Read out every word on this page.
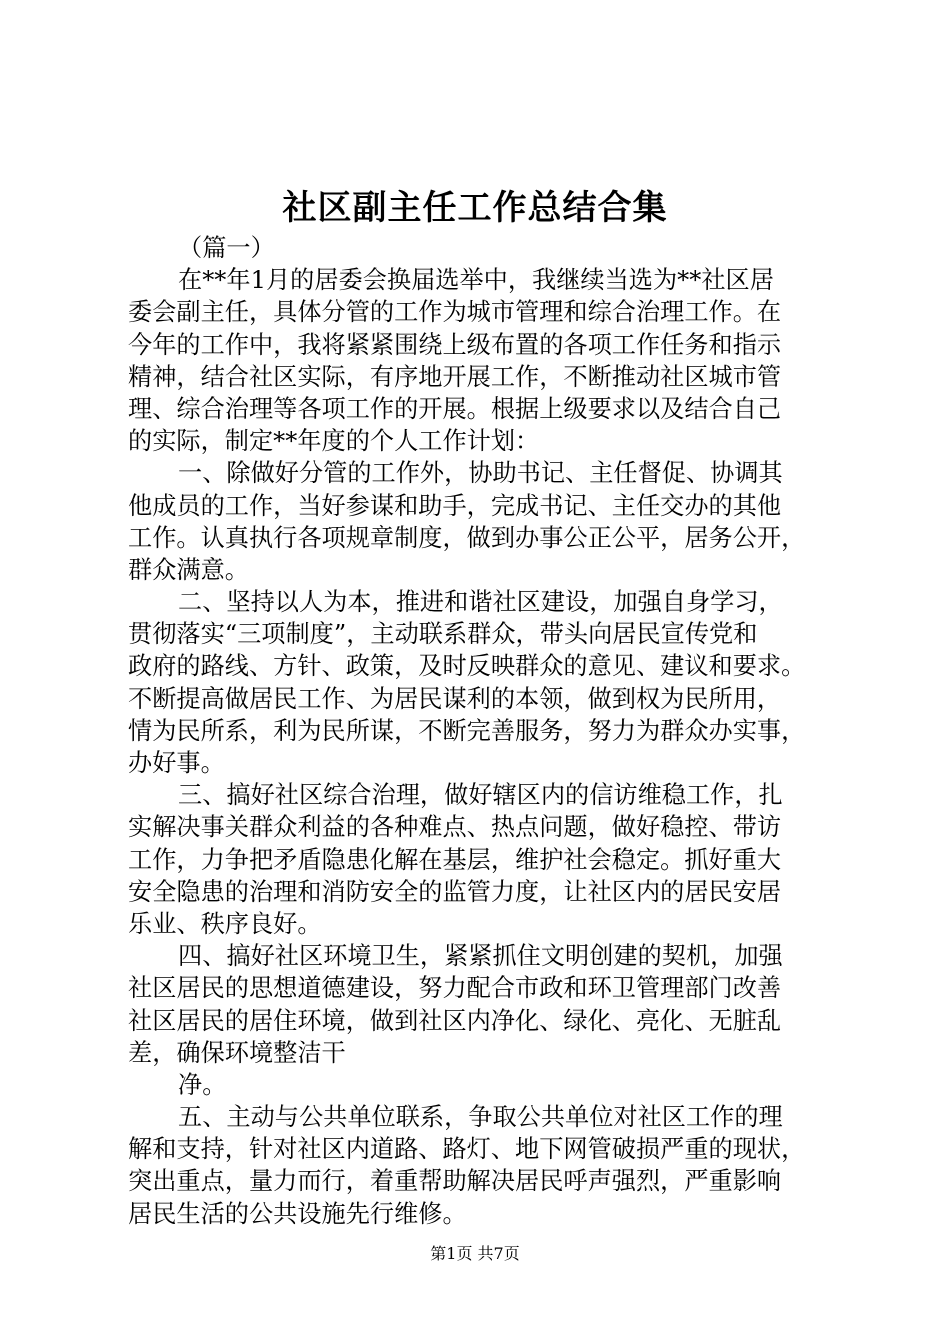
社区副主任工作总结合集
（篇一）
在**年1月的居委会换届选举中，我继续当选为**社区居
委会副主任，具体分管的工作为城市管理和综合治理工作。在
今年的工作中，我将紧紧围绕上级布置的各项工作任务和指示
精神，结合社区实际，有序地开展工作，不断推动社区城市管
理、综合治理等各项工作的开展。根据上级要求以及结合自己
的实际，制定**年度的个人工作计划：
一、除做好分管的工作外，协助书记、主任督促、协调其
他成员的工作，当好参谋和助手，完成书记、主任交办的其他
工作。认真执行各项规章制度，做到办事公正公平，居务公开，
群众满意。
二、坚持以人为本，推进和谐社区建设，加强自身学习，
贯彻落实“三项制度”，主动联系群众，带头向居民宣传党和
政府的路线、方针、政策，及时反映群众的意见、建议和要求。
不断提高做居民工作、为居民谋利的本领，做到权为民所用，
情为民所系，利为民所谋，不断完善服务，努力为群众办实事，
办好事。
三、搞好社区综合治理，做好辖区内的信访维稳工作，扎
实解决事关群众利益的各种难点、热点问题，做好稳控、带访
工作，力争把矛盾隐患化解在基层，维护社会稳定。抓好重大
安全隐患的治理和消防安全的监管力度，让社区内的居民安居
乐业、秩序良好。
四、搞好社区环境卫生，紧紧抓住文明创建的契机，加强
社区居民的思想道德建设，努力配合市政和环卫管理部门改善
社区居民的居住环境，做到社区内净化、绿化、亮化、无脏乱
差，确保环境整洁干
净。
五、主动与公共单位联系，争取公共单位对社区工作的理
解和支持，针对社区内道路、路灯、地下网管破损严重的现状，
突出重点，量力而行，着重帮助解决居民呼声强烈，严重影响
居民生活的公共设施先行维修。
第1页 共7页
